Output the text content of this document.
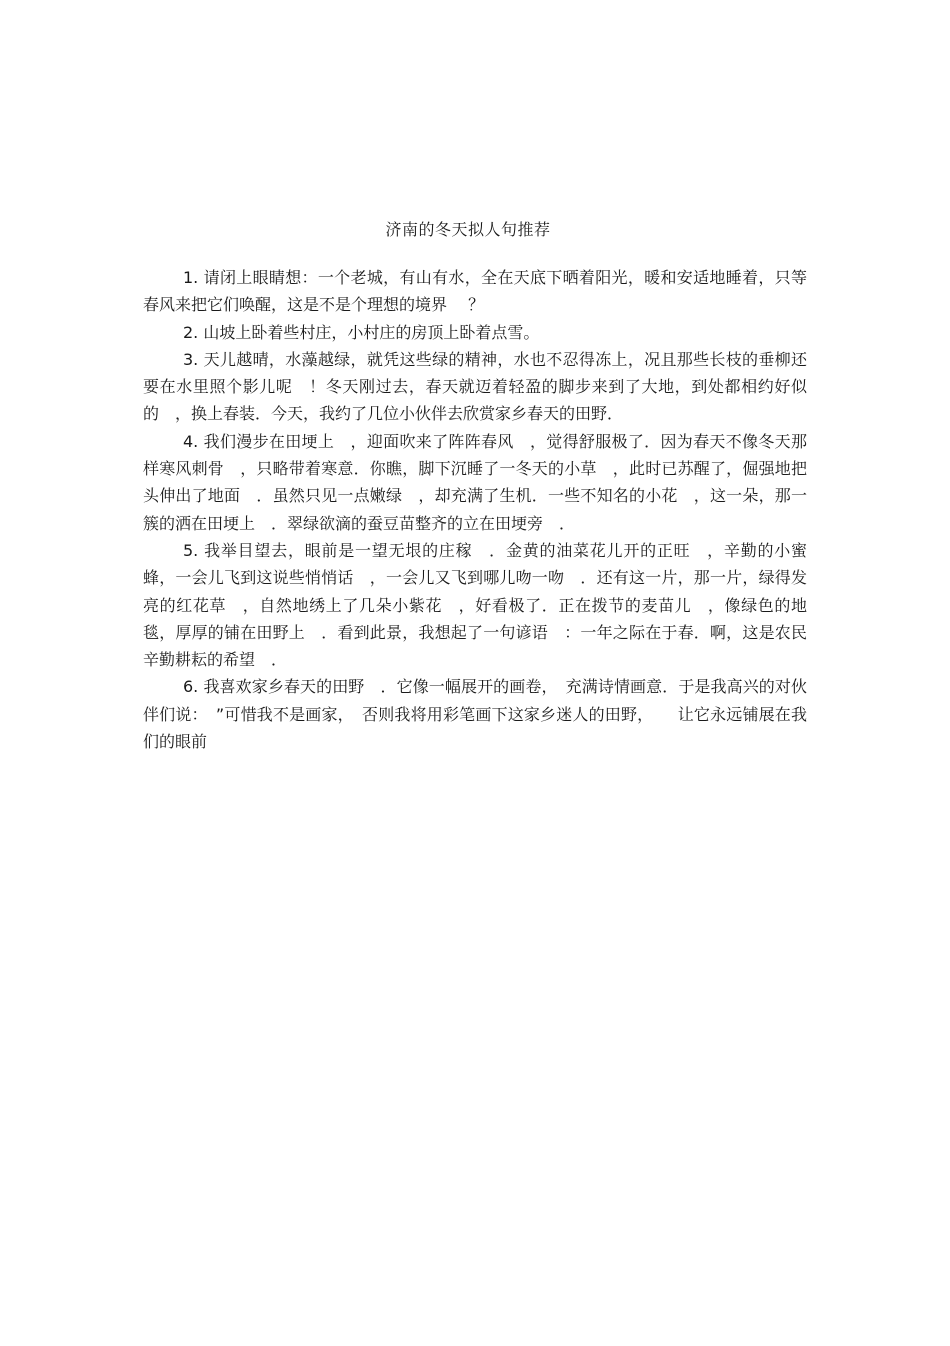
济南的冬天拟人句推荐

1. 请闭上眼睛想：一个老城，有山有水，全在天底下晒着阳光，暖和安适地睡着，只等春风来把它们唤醒，这是不是个理想的境界　 ？

2. 山坡上卧着些村庄，小村庄的房顶上卧着点雪。

3. 天儿越晴，水藻越绿，就凭这些绿的精神，水也不忍得冻上，况且那些长枝的垂柳还要在水里照个影儿呢　！冬天刚过去，春天就迈着轻盈的脚步来到了大地，到处都相约好似的　，换上春装．今天，我约了几位小伙伴去欣赏家乡春天的田野．

4. 我们漫步在田埂上　，迎面吹来了阵阵春风　，觉得舒服极了．因为春天不像冬天那样寒风刺骨　，只略带着寒意．你瞧，脚下沉睡了一冬天的小草　，此时已苏醒了，倔强地把头伸出了地面　．虽然只见一点嫩绿　，却充满了生机．一些不知名的小花　，这一朵，那一簇的洒在田埂上　．翠绿欲滴的蚕豆苗整齐的立在田埂旁　．

5. 我举目望去，眼前是一望无垠的庄稼　．金黄的油菜花儿开的正旺　，辛勤的小蜜蜂，一会儿飞到这说些悄悄话　，一会儿又飞到哪儿吻一吻　．还有这一片，那一片，绿得发亮的红花草　，自然地绣上了几朵小紫花　，好看极了．正在拨节的麦苗儿　，像绿色的地毯，厚厚的铺在田野上　．看到此景，我想起了一句谚语　：一年之际在于春．啊，这是农民辛勤耕耘的希望　．

6. 我喜欢家乡春天的田野　．它像一幅展开的画卷，　充满诗情画意．于是我高兴的对伙伴们说：　”可惜我不是画家，　否则我将用彩笔画下这家乡迷人的田野，　　让它永远铺展在我们的眼前
